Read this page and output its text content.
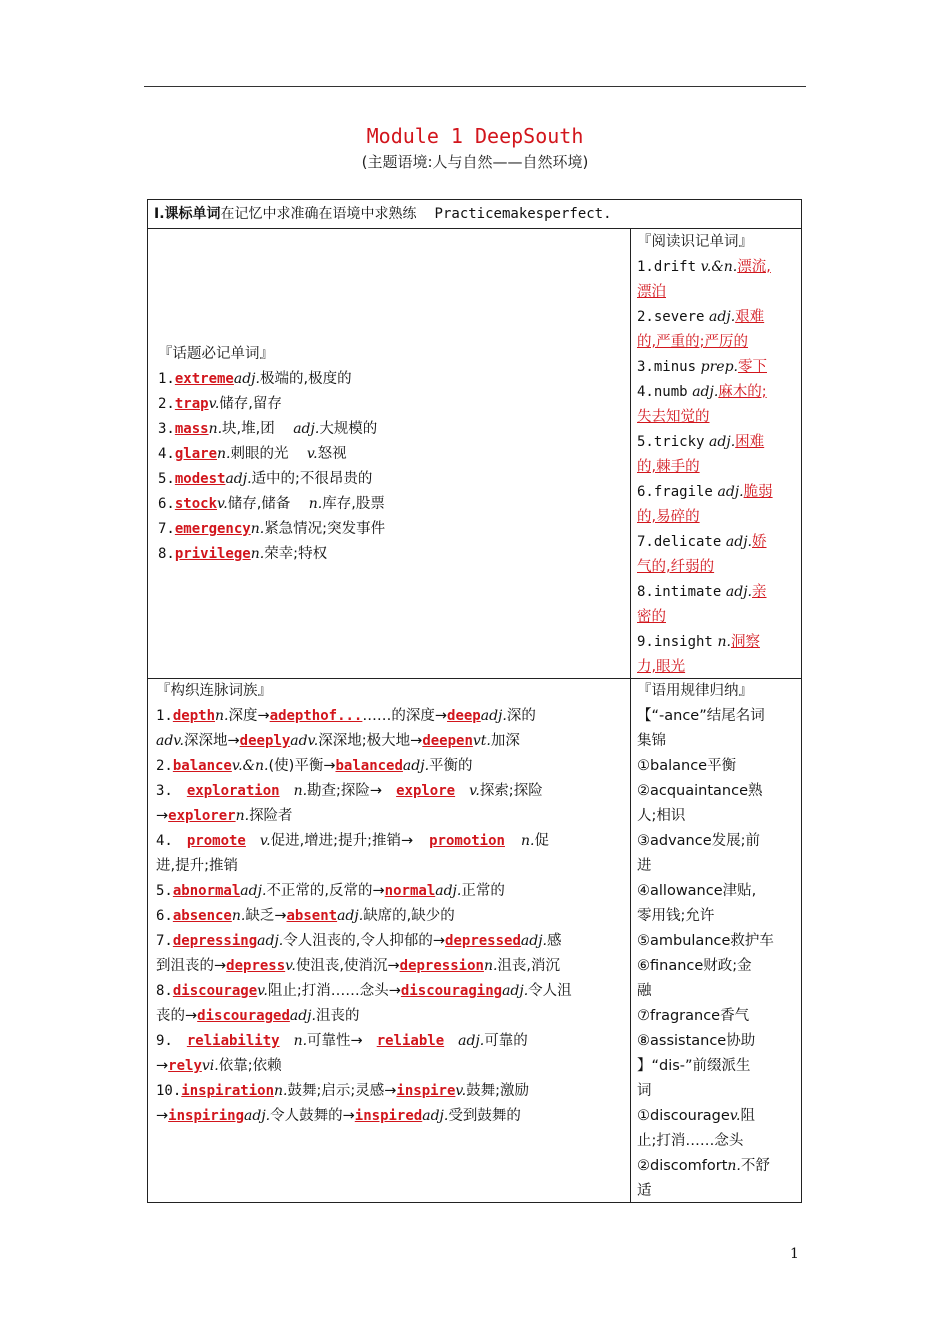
Module 1 DeepSouth
(主题语境:人与自然——自然环境)
Ⅰ.课标单词在记忆中求准确在语境中求熟练 Practicemakesperfect.
『话题必记单词』
1.extremeadj.极端的,极度的
2.trapv.储存,留存
3.massn.块,堆,团 adj.大规模的
4.glaren.刺眼的光 v.怒视
5.modestadj.适中的;不很昂贵的
6.stockv.储存,储备 n.库存,股票
7.emergencyn.紧急情况;突发事件
8.privilegen.荣幸;特权
『阅读识记单词』
1.drift v.&n.漂流,
漂泊
2.severe adj.艰难
的,严重的;严厉的
3.minus prep.零下
4.numb adj.麻木的;
失去知觉的
5.tricky adj.困难
的,棘手的
6.fragile adj.脆弱
的,易碎的
7.delicate adj.娇
气的,纤弱的
8.intimate adj.亲
密的
9.insight n.洞察
力,眼光
『构织连脉词族』
1.depthn.深度→adepthof...……的深度→deepadj.深的
adv.深深地→deeplyadv.深深地;极大地→deepenvt.加深
2.balancev.&n.(使)平衡→balancedadj.平衡的
3. exploration n.勘查;探险→ explore v.探索;探险
→explorern.探险者
4. promote v.促进,增进;提升;推销→ promotion n.促
进,提升;推销
5.abnormaladj.不正常的,反常的→normaladj.正常的
6.absencen.缺乏→absentadj.缺席的,缺少的
7.depressingadj.令人沮丧的,令人抑郁的→depressedadj.感
到沮丧的→depressv.使沮丧,使消沉→depressionn.沮丧,消沉
8.discouragev.阻止;打消……念头→discouragingadj.令人沮
丧的→discouragedadj.沮丧的
9. reliability n.可靠性→ reliable adj.可靠的
→relyvi.依靠;依赖
10.inspirationn.鼓舞;启示;灵感→inspirev.鼓舞;激励
→inspiringadj.令人鼓舞的→inspiredadj.受到鼓舞的
『语用规律归纳』
【“-ance”结尾名词
集锦
①balance平衡
②acquaintance熟
人;相识
③advance发展;前
进
④allowance津贴,
零用钱;允许
⑤ambulance救护车
⑥finance财政;金
融
⑦fragrance香气
⑧assistance协助
】“dis-”前缀派生
词
①discouragev.阻
止;打消……念头
②discomfortn.不舒
适
1
